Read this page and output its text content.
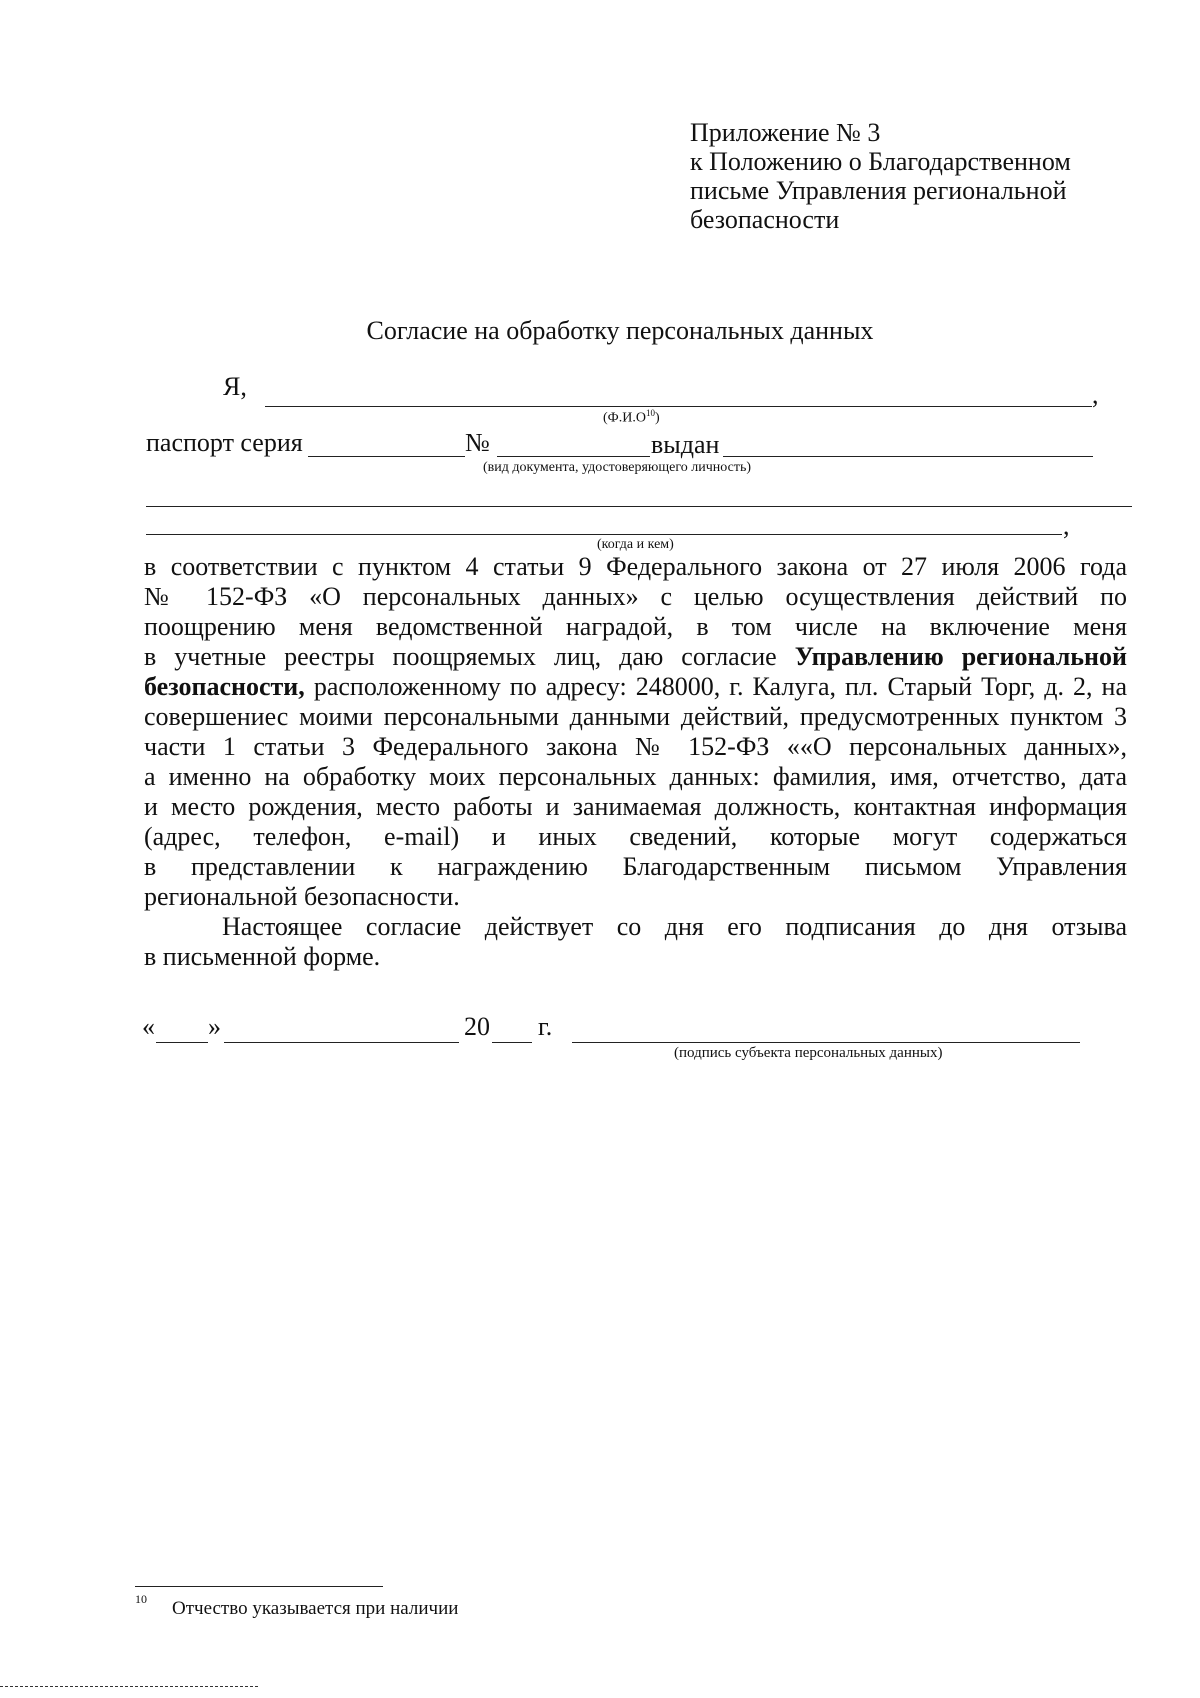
Приложение № 3
к Положению о Благодарственном
письме Управления региональной
безопасности
Согласие на обработку персональных данных
Я,	,
$(Ф.И.О^{10})$
паспорт серия	№	выдан
(вид документа, удостоверяющего личность)
,
(когда и кем)

в соответствии с пунктом 4 статьи 9 Федерального закона от 27 июля 2006 года

№ 152-ФЗ «О персональных данных» с целью осуществления действий по

поощрению меня ведомственной наградой, в том числе на включение меня

в учетные реестры поощряемых лиц, даю согласие Управлению региональной

безопасности, расположенному по адресу: 248000, г. Калуга, пл. Старый Торг, д. 2, на

совершениес моими персональными данными действий, предусмотренных пунктом 3

части 1 статьи 3 Федерального закона № 152-ФЗ ««О персональных данных»,

а именно на обработку моих персональных данных: фамилия, имя, отчетство, дата

и место рождения, место работы и занимаемая должность, контактная информация

(адрес, телефон, e-mail) и иных сведений, которые могут содержаться

в представлении к награждению Благодарственным письмом Управления

региональной безопасности.

Настоящее согласие действует со дня его подписания до дня отзыва

в письменной форме.

« »	20 г.
(подпись субъекта персональных данных)
10 Отчество указывается при наличии
